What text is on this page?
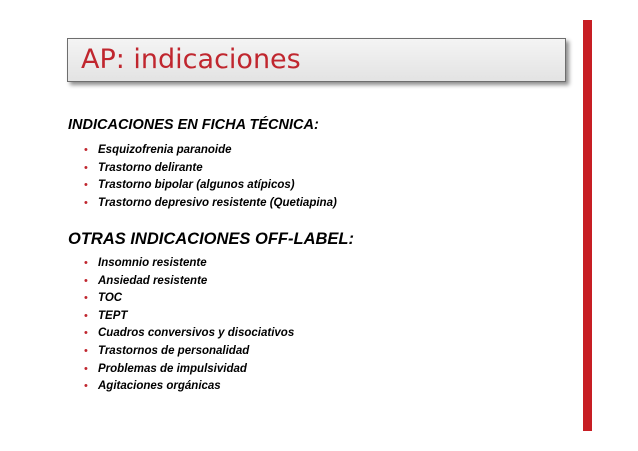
AP: indicaciones
INDICACIONES EN FICHA TÉCNICA:
• Esquizofrenia paranoide
• Trastorno delirante
• Trastorno bipolar (algunos atípicos)
• Trastorno depresivo resistente (Quetiapina)
OTRAS INDICACIONES OFF-LABEL:
• Insomnio resistente
• Ansiedad resistente
• TOC
• TEPT
• Cuadros conversivos y disociativos
• Trastornos de personalidad
• Problemas de impulsividad
• Agitaciones orgánicas
